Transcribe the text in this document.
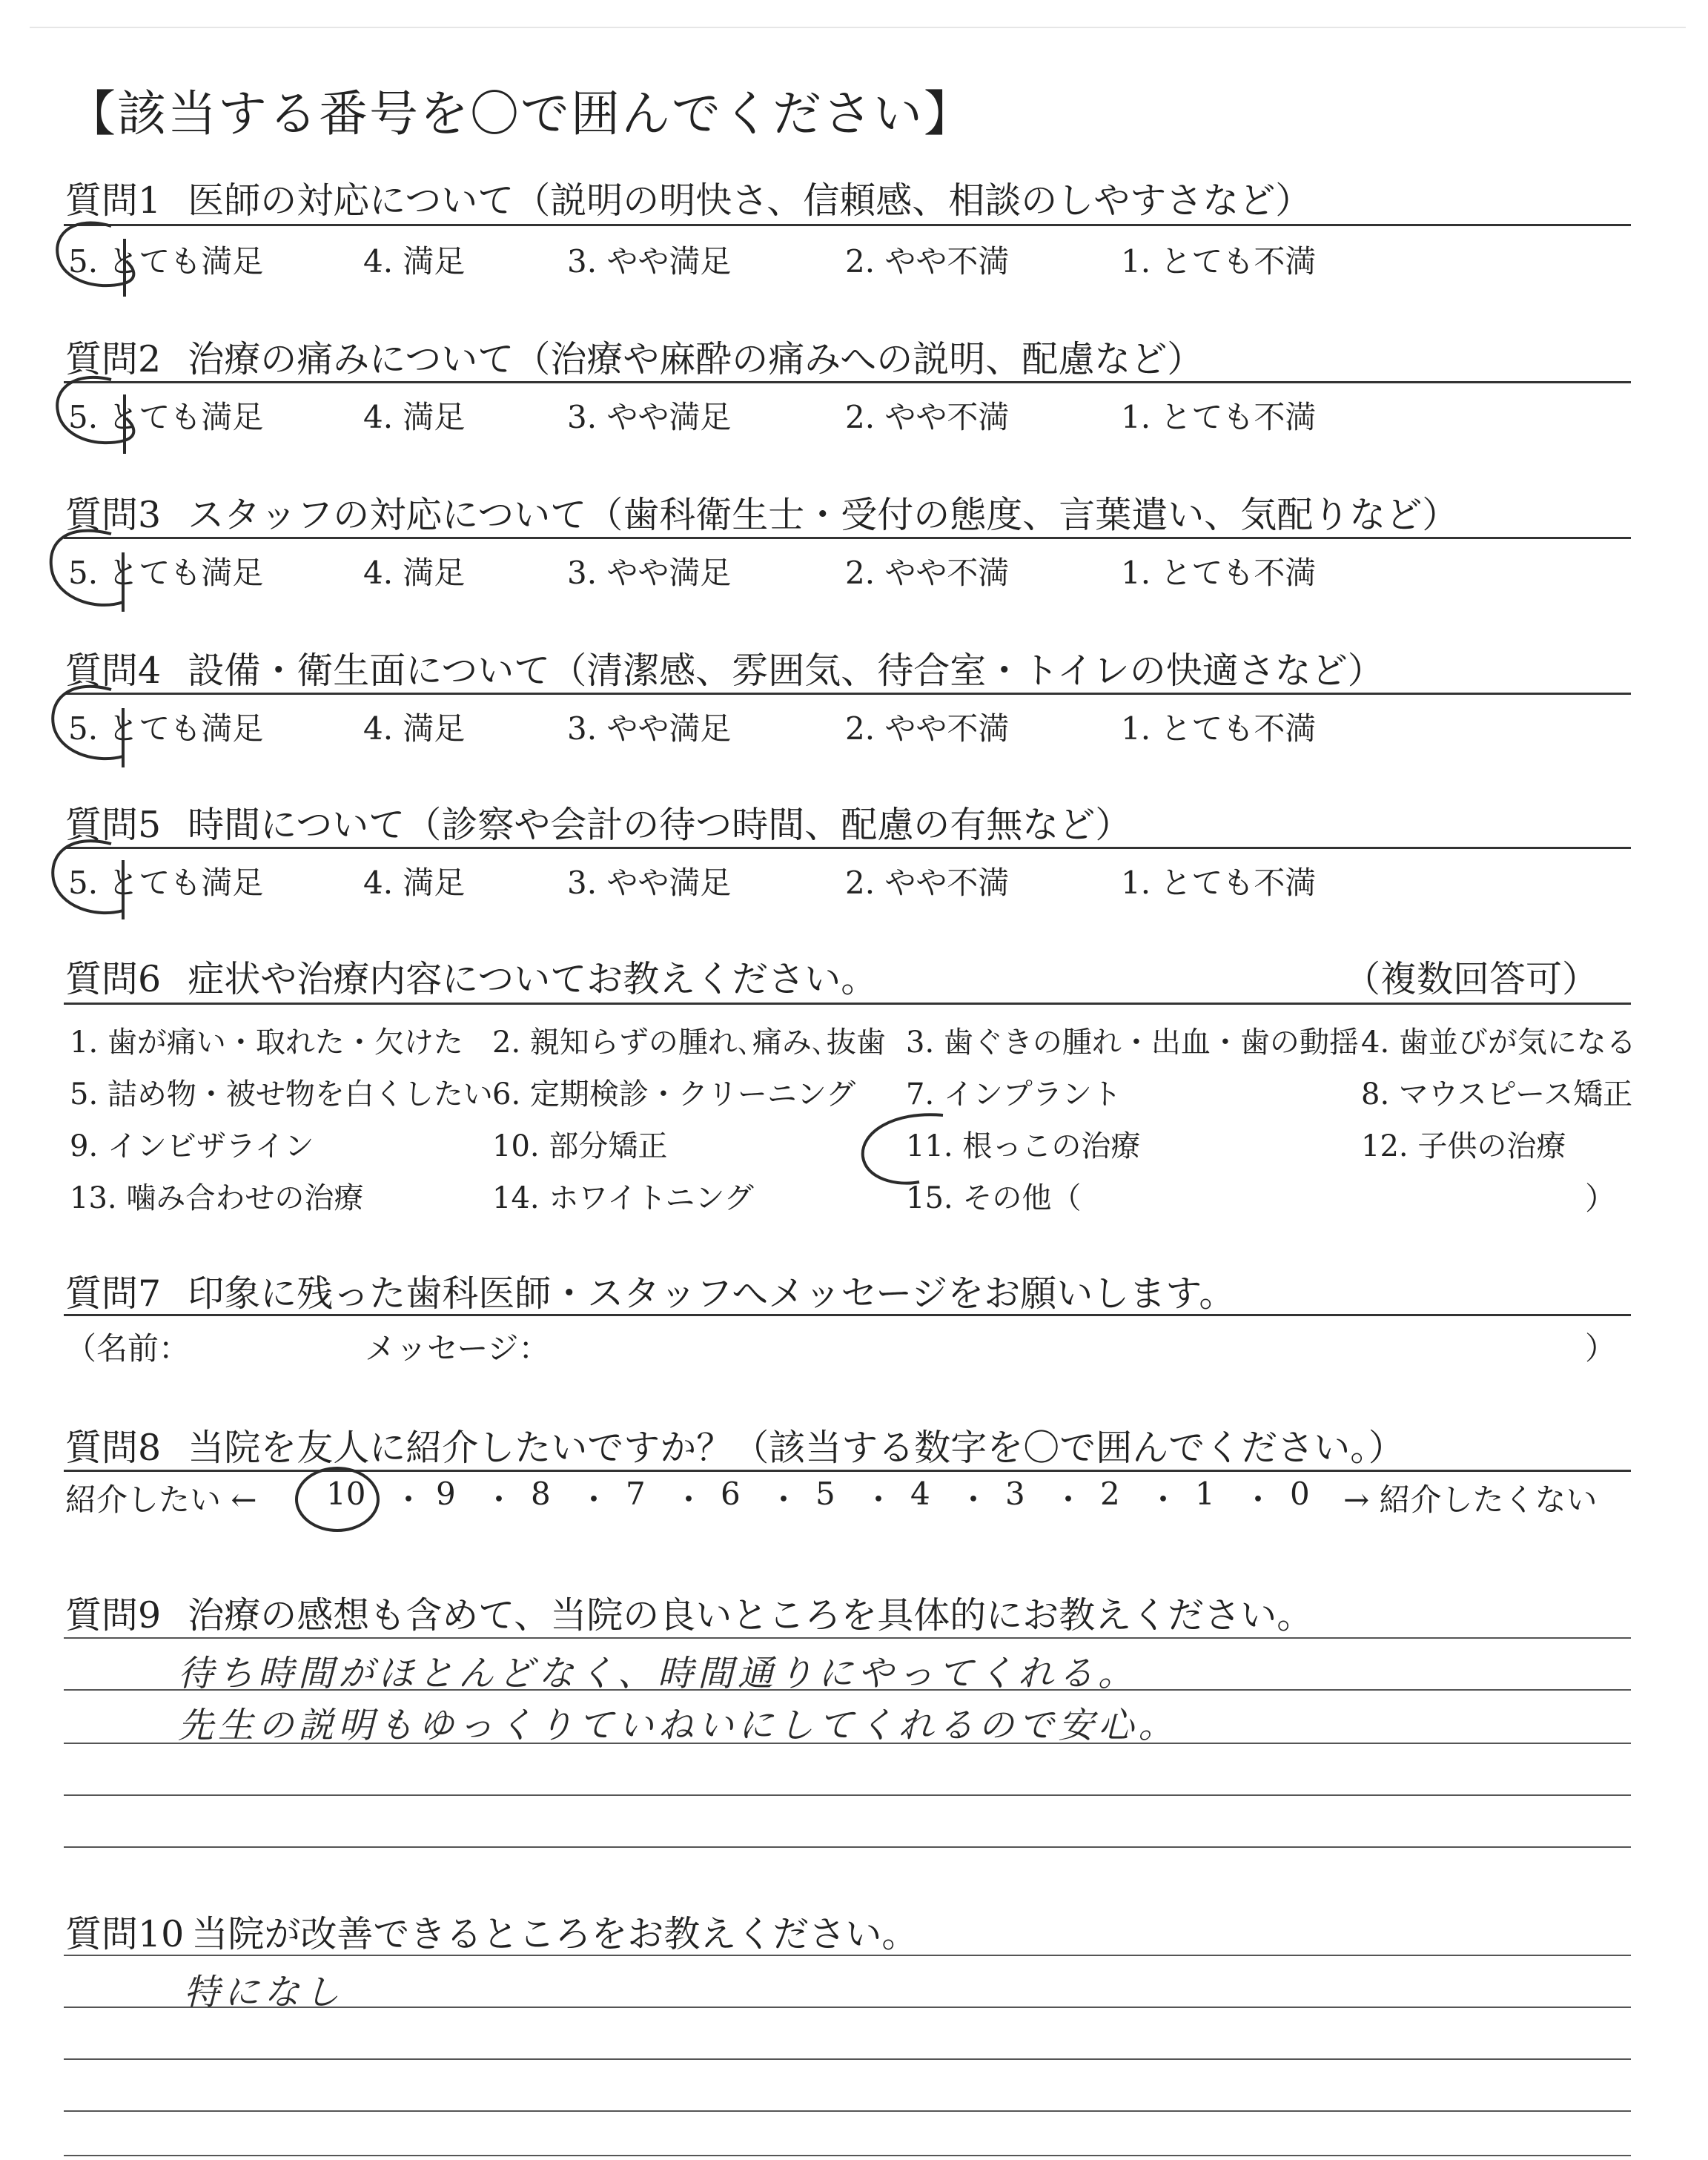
【該当する番号を〇で囲んでください】
質問1 医師の対応について（説明の明快さ、信頼感、相談のしやすさなど）
5. とても満足	4. 満足	3. やや満足	2. やや不満	1. とても不満
質問2 治療の痛みについて（治療や麻酔の痛みへの説明、配慮など）
5. とても満足	4. 満足	3. やや満足	2. やや不満	1. とても不満
質問3 スタッフの対応について（歯科衛生士・受付の態度、言葉遣い、気配りなど）
5. とても満足	4. 満足	3. やや満足	2. やや不満	1. とても不満
質問4 設備・衛生面について（清潔感、雰囲気、待合室・トイレの快適さなど）
5. とても満足	4. 満足	3. やや満足	2. やや不満	1. とても不満
質問5 時間について（診察や会計の待つ時間、配慮の有無など）
5. とても満足	4. 満足	3. やや満足	2. やや不満	1. とても不満
質問6 症状や治療内容についてお教えください。	（複数回答可）
1. 歯が痛い・取れた・欠けた 2. 親知らずの腫れ､痛み､抜歯 3. 歯ぐきの腫れ・出血・歯の動揺 4. 歯並びが気になる
5. 詰め物・被せ物を白くしたい 6. 定期検診・クリーニング 7. インプラント	8. マウスピース矯正
9. インビザライン	10. 部分矯正	11. 根っこの治療	12. 子供の治療
13. 噛み合わせの治療	14. ホワイトニング	15. その他（	）
質問7 印象に残った歯科医師・スタッフへメッセージをお願いします。
（名前：	メッセージ：	）
質問8 当院を友人に紹介したいですか？（該当する数字を〇で囲んでください。）
紹介したい ← 10 ・ 9 ・ 8 ・ 7 ・ 6 ・ 5 ・ 4 ・ 3 ・ 2 ・ 1 ・ 0 → 紹介したくない
質問9 治療の感想も含めて、当院の良いところを具体的にお教えください。
待ち時間がほとんどなく、時間通りにやってくれる。
先生の説明もゆっくりていねいにしてくれるので安心。
質問10 当院が改善できるところをお教えください。
特になし
